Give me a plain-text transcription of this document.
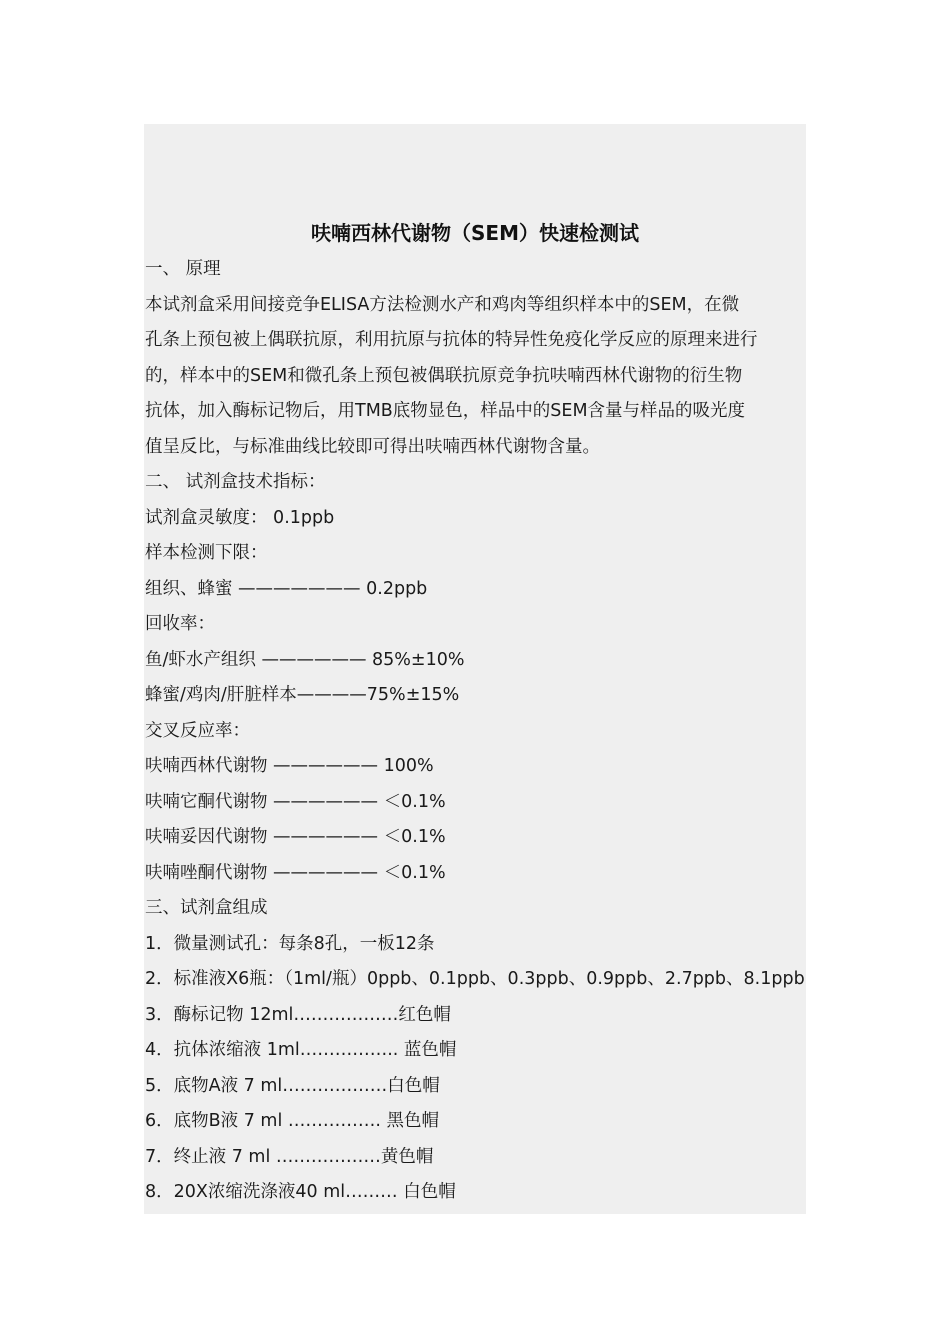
呋喃西林代谢物（SEM）快速检测试
一、 原理
本试剂盒采用间接竞争ELISA方法检测水产和鸡肉等组织样本中的SEM，在微
孔条上预包被上偶联抗原，利用抗原与抗体的特异性免疫化学反应的原理来进行
的，样本中的SEM和微孔条上预包被偶联抗原竞争抗呋喃西林代谢物的衍生物
抗体，加入酶标记物后，用TMB底物显色，样品中的SEM含量与样品的吸光度
值呈反比，与标准曲线比较即可得出呋喃西林代谢物含量。
二、 试剂盒技术指标：
试剂盒灵敏度： 0.1ppb
样本检测下限：
组织、蜂蜜 ——————— 0.2ppb
回收率：
鱼/虾水产组织 —————— 85%±10%
蜂蜜/鸡肉/肝脏样本————75%±15%
交叉反应率：
呋喃西林代谢物 —————— 100%
呋喃它酮代谢物 —————— ＜0.1%
呋喃妥因代谢物 —————— ＜0.1%
呋喃唑酮代谢物 —————— ＜0.1%
三、试剂盒组成
1．微量测试孔：每条8孔，一板12条
2．标准液X6瓶：（1ml/瓶）0ppb、0.1ppb、0.3ppb、0.9ppb、2.7ppb、8.1ppb
3．酶标记物 12ml………………红色帽
4．抗体浓缩液 1ml…………….. 蓝色帽
5．底物A液 7 ml………………白色帽
6．底物B液 7 ml ……………. 黑色帽
7．终止液 7 ml ………………黄色帽
8．20X浓缩洗涤液40 ml……… 白色帽
